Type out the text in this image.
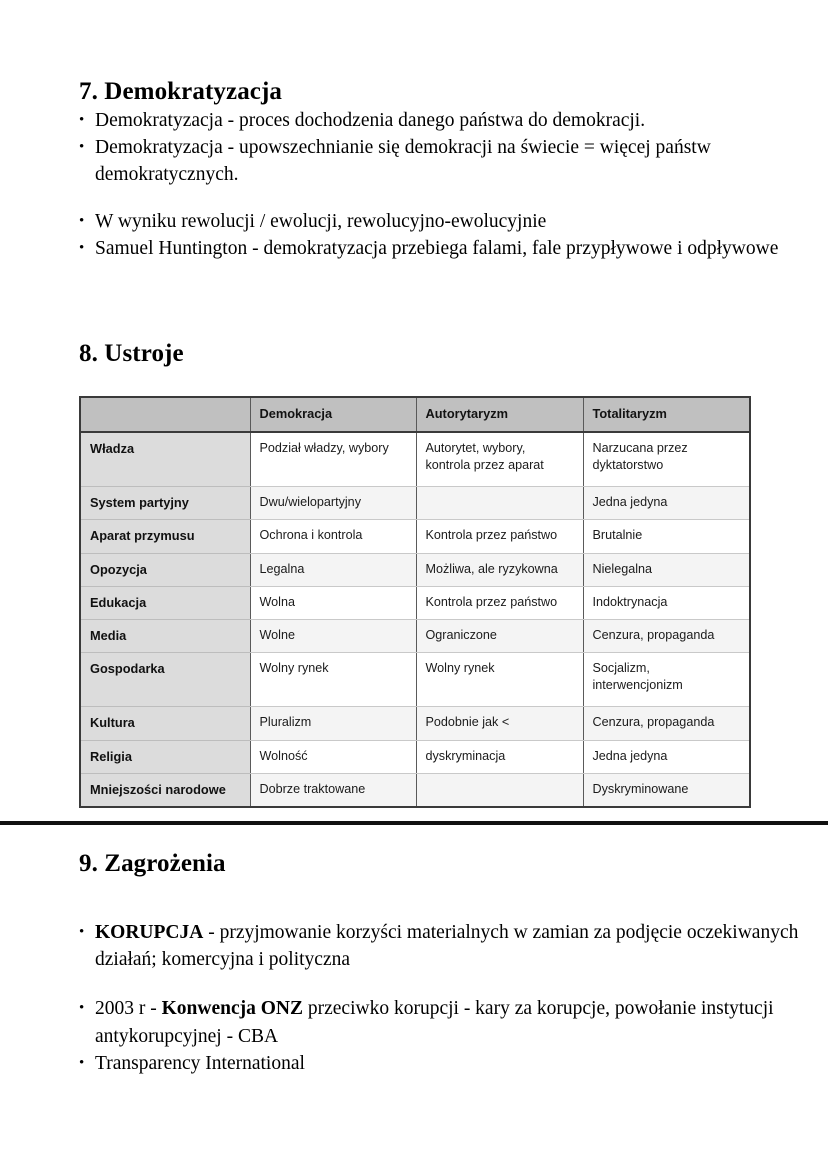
7. Demokratyzacja
• Demokratyzacja - proces dochodzenia danego państwa do demokracji.
• Demokratyzacja - upowszechnianie się demokracji na świecie = więcej państw demokratycznych.
• W wyniku rewolucji / ewolucji, rewolucyjno-ewolucyjnie
• Samuel Huntington - demokratyzacja przebiega falami, fale przypływowe i odpływowe
8. Ustroje
	Demokracja	Autorytaryzm	Totalitaryzm
Władza	Podział władzy, wybory	Autorytet, wybory, kontrola przez aparat	Narzucana przez dyktatorstwo
System partyjny	Dwu/wielopartyjny		Jedna jedyna
Aparat przymusu	Ochrona i kontrola	Kontrola przez państwo	Brutalnie
Opozycja	Legalna	Możliwa, ale ryzykowna	Nielegalna
Edukacja	Wolna	Kontrola przez państwo	Indoktrynacja
Media	Wolne	Ograniczone	Cenzura, propaganda
Gospodarka	Wolny rynek	Wolny rynek	Socjalizm, interwencjonizm
Kultura	Pluralizm	Podobnie jak <	Cenzura, propaganda
Religia	Wolność	dyskryminacja	Jedna jedyna
Mniejszości narodowe	Dobrze traktowane		Dyskryminowane
9. Zagrożenia
• KORUPCJA - przyjmowanie korzyści materialnych w zamian za podjęcie oczekiwanych działań; komercyjna i polityczna
• 2003 r - Konwencja ONZ przeciwko korupcji - kary za korupcje, powołanie instytucji antykorupcyjnej - CBA
• Transparency International
